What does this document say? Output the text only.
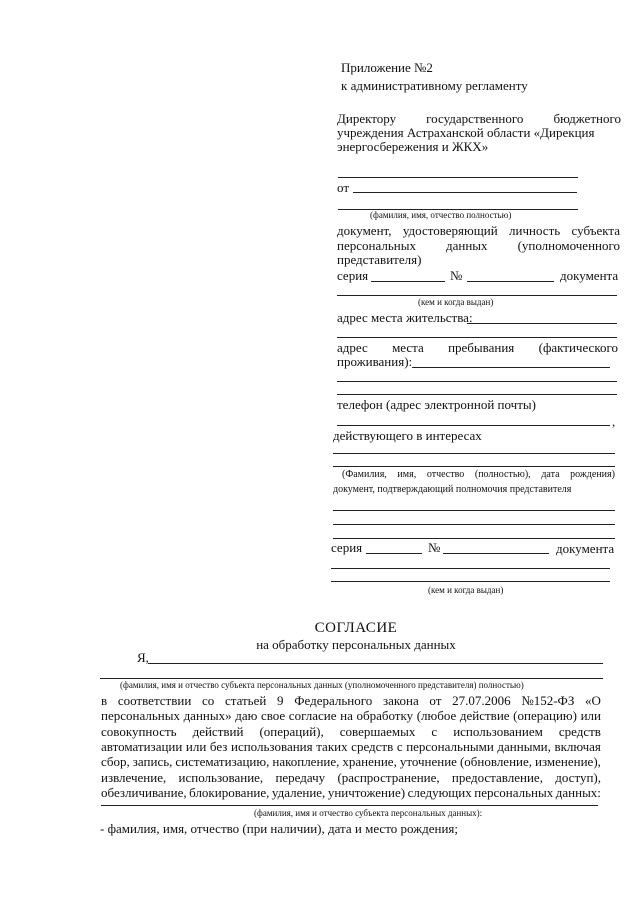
Приложение №2
к административному регламенту
Директору государственного бюджетного
учреждения Астраханской области «Дирекция
энергосбережения и ЖКХ»
от
(фамилия, имя, отчество полностью)
документ, удостоверяющий личность субъекта
персональных данных (уполномоченного
представителя)
серия	№	документа
(кем и когда выдан)
адрес места жительства:
адрес места пребывания (фактического
проживания):
телефон (адрес электронной почты)
,
действующего в интересах
(Фамилия, имя, отчество (полностью), дата рождения)
документ, подтверждающий полномочия представителя
серия	№	документа
(кем и когда выдан)
СОГЛАСИЕ
на обработку персональных данных
Я,
(фамилия, имя и отчество субъекта персональных данных (уполномоченного представителя) полностью)
в соответствии со статьей 9 Федерального закона от 27.07.2006 №152-ФЗ «О
персональных данных» даю свое согласие на обработку (любое действие (операцию) или
совокупность действий (операций), совершаемых с использованием средств
автоматизации или без использования таких средств с персональными данными, включая
сбор, запись, систематизацию, накопление, хранение, уточнение (обновление, изменение),
извлечение, использование, передачу (распространение, предоставление, доступ),
обезличивание, блокирование, удаление, уничтожение) следующих персональных данных:
(фамилия, имя и отчество субъекта персональных данных):
- фамилия, имя, отчество (при наличии), дата и место рождения;
